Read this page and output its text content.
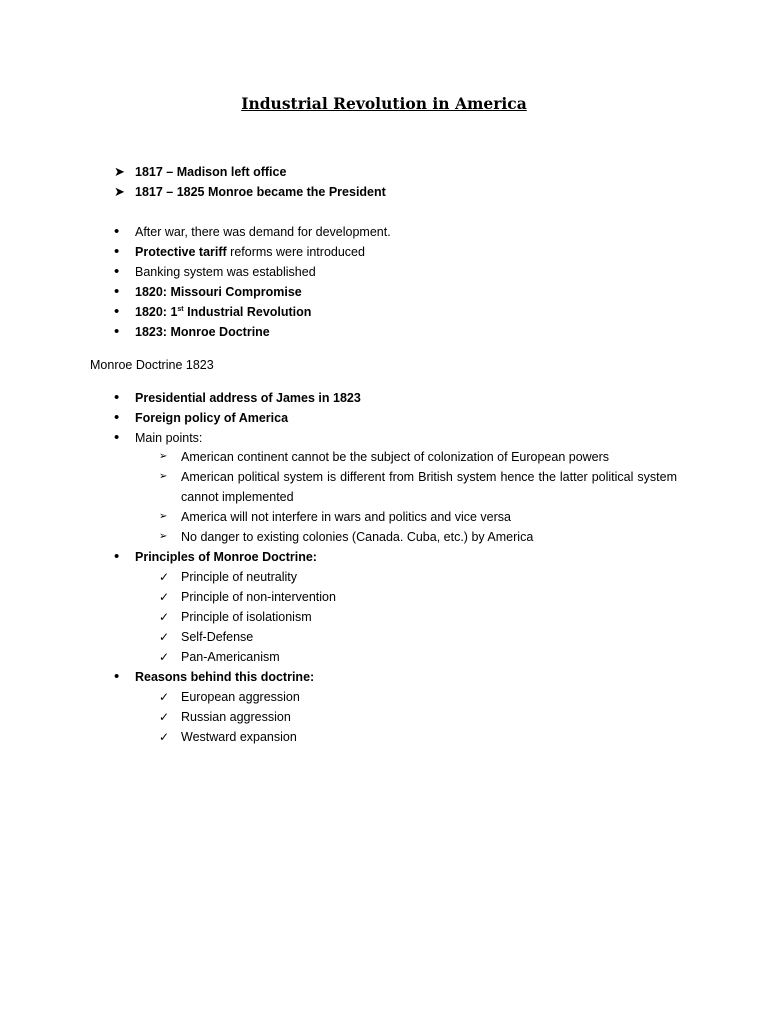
Industrial Revolution in America
➤ 1817 – Madison left office
➤ 1817 – 1825 Monroe became the President
• After war, there was demand for development.
• Protective tariff reforms were introduced
• Banking system was established
• 1820: Missouri Compromise
• 1820: 1st Industrial Revolution
• 1823: Monroe Doctrine
Monroe Doctrine 1823
• Presidential address of James in 1823
• Foreign policy of America
• Main points:
➢ American continent cannot be the subject of colonization of European powers
➢ American political system is different from British system hence the latter political system cannot implemented
➢ America will not interfere in wars and politics and vice versa
➢ No danger to existing colonies (Canada. Cuba, etc.) by America
• Principles of Monroe Doctrine:
✓ Principle of neutrality
✓ Principle of non-intervention
✓ Principle of isolationism
✓ Self-Defense
✓ Pan-Americanism
• Reasons behind this doctrine:
✓ European aggression
✓ Russian aggression
✓ Westward expansion
